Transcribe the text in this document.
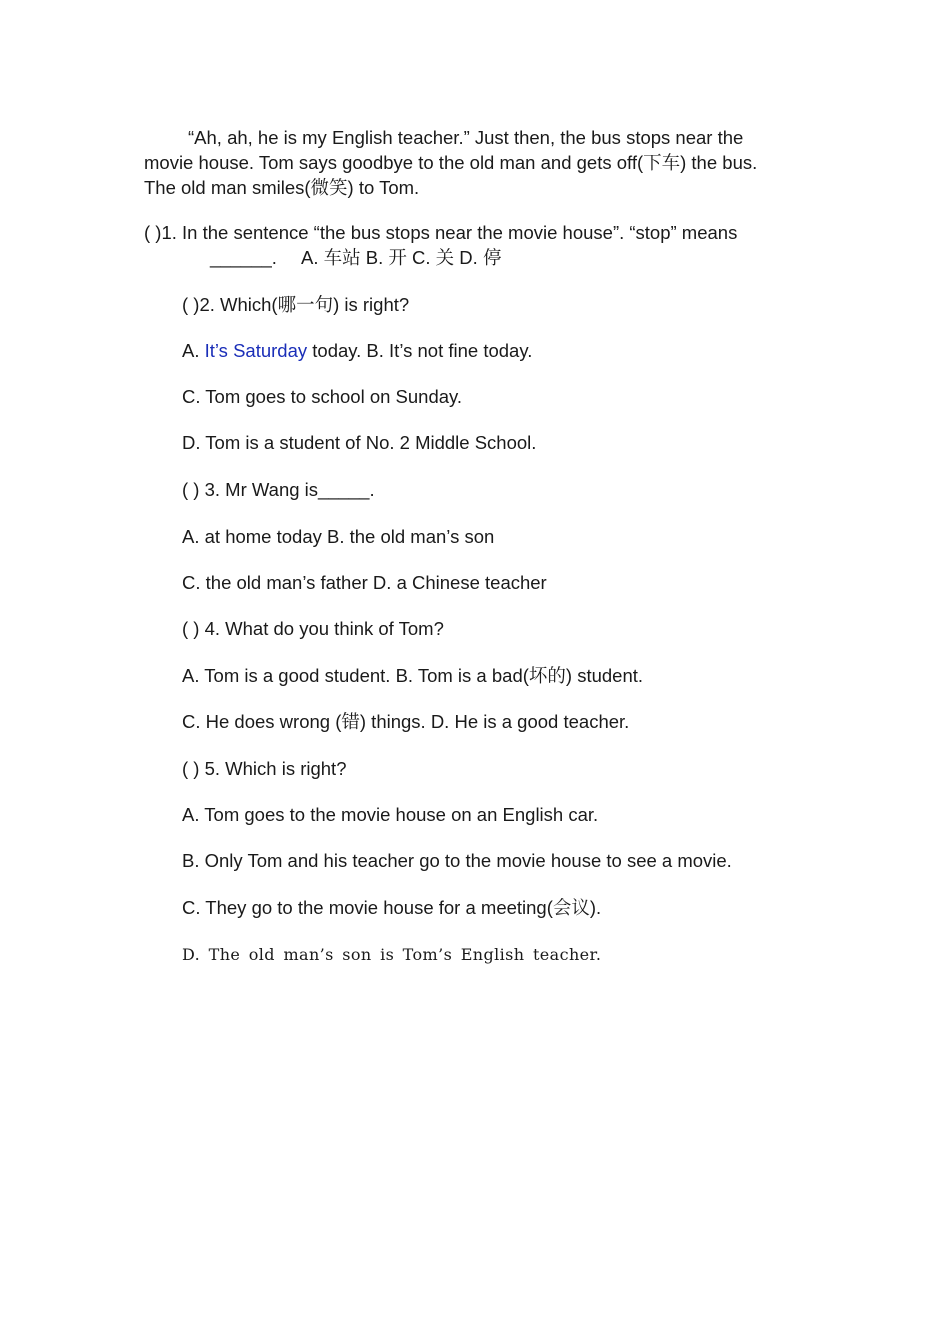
“Ah, ah, he is my English teacher.” Just then, the bus stops near the
movie house. Tom says goodbye to the old man and gets off(下车) the bus.
The old man smiles(微笑) to Tom.
( )1. In the sentence “the bus stops near the movie house”. “stop” means
______. A. 车站 B. 开 C. 关 D. 停
( )2. Which(哪一句) is right?
A. It’s Saturday today. B. It’s not fine today.
C. Tom goes to school on Sunday.
D. Tom is a student of No. 2 Middle School.
( ) 3. Mr Wang is_____.
A. at home today B. the old man’s son
C. the old man’s father D. a Chinese teacher
( ) 4. What do you think of Tom?
A. Tom is a good student. B. Tom is a bad(坏的) student.
C. He does wrong (错) things. D. He is a good teacher.
( ) 5. Which is right?
A. Tom goes to the movie house on an English car.
B. Only Tom and his teacher go to the movie house to see a movie.
C. They go to the movie house for a meeting(会议).
D. The old man’s son is Tom’s English teacher.
